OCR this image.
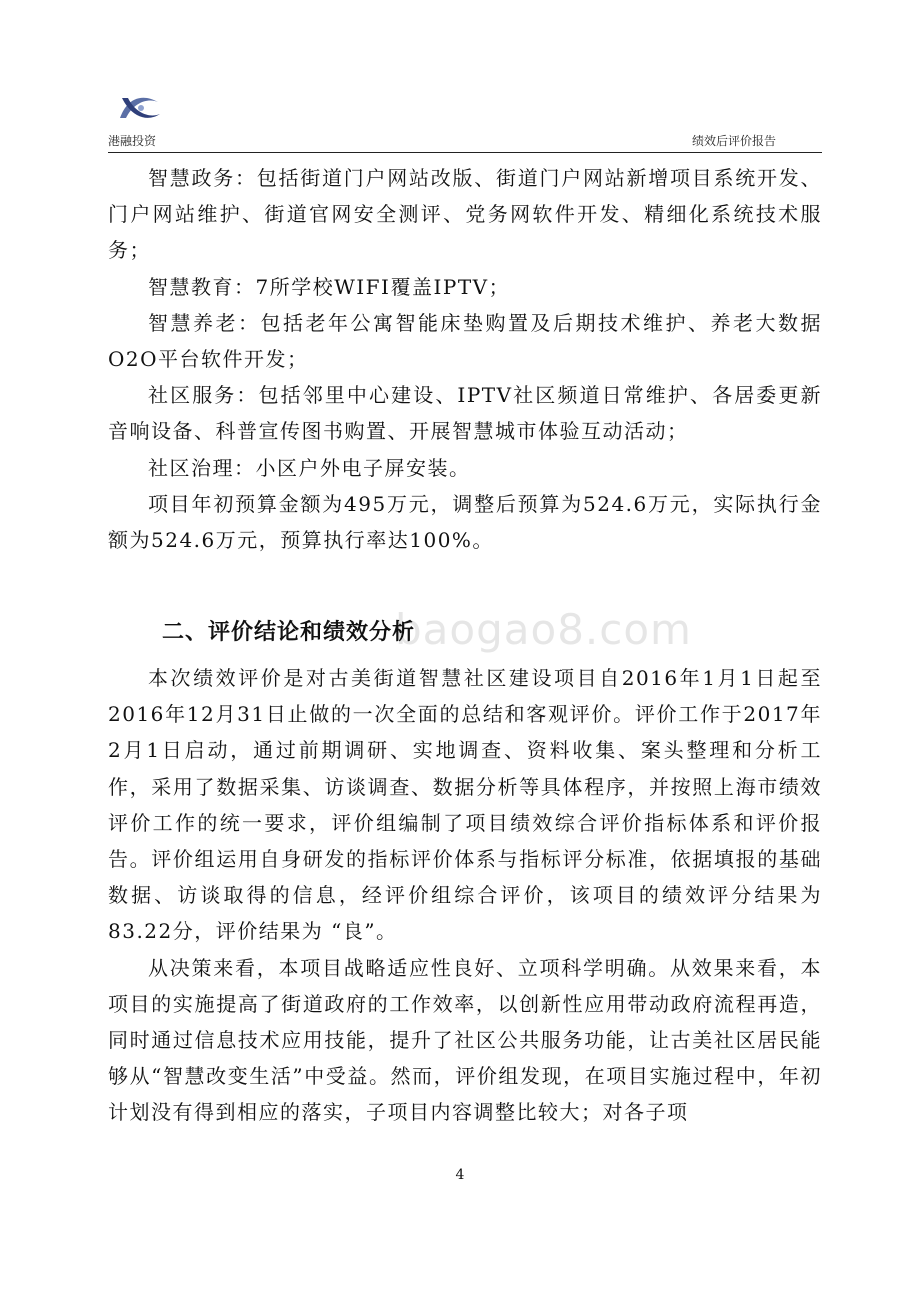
港融投资	绩效后评价报告
baogao8.com

智慧政务：包括街道门户网站改版、街道门户网站新增项目系统开发、门户网站维护、街道官网安全测评、党务网软件开发、精细化系统技术服务；

智慧教育：7所学校WIFI覆盖IPTV；

智慧养老：包括老年公寓智能床垫购置及后期技术维护、养老大数据O2O平台软件开发；

社区服务：包括邻里中心建设、IPTV社区频道日常维护、各居委更新音响设备、科普宣传图书购置、开展智慧城市体验互动活动；

社区治理：小区户外电子屏安装。

项目年初预算金额为495万元，调整后预算为524.6万元，实际执行金额为524.6万元，预算执行率达100%。

二、评价结论和绩效分析

本次绩效评价是对古美街道智慧社区建设项目自2016年1月1日起至2016年12月31日止做的一次全面的总结和客观评价。评价工作于2017年2月1日启动，通过前期调研、实地调查、资料收集、案头整理和分析工作，采用了数据采集、访谈调查、数据分析等具体程序，并按照上海市绩效评价工作的统一要求，评价组编制了项目绩效综合评价指标体系和评价报告。评价组运用自身研发的指标评价体系与指标评分标准，依据填报的基础数据、访谈取得的信息，经评价组综合评价，该项目的绩效评分结果为83.22分，评价结果为 “良”。

从决策来看，本项目战略适应性良好、立项科学明确。从效果来看，本项目的实施提高了街道政府的工作效率，以创新性应用带动政府流程再造，同时通过信息技术应用技能，提升了社区公共服务功能，让古美社区居民能够从“智慧改变生活”中受益。然而，评价组发现，在项目实施过程中，年初计划没有得到相应的落实，子项目内容调整比较大；对各子项

4
